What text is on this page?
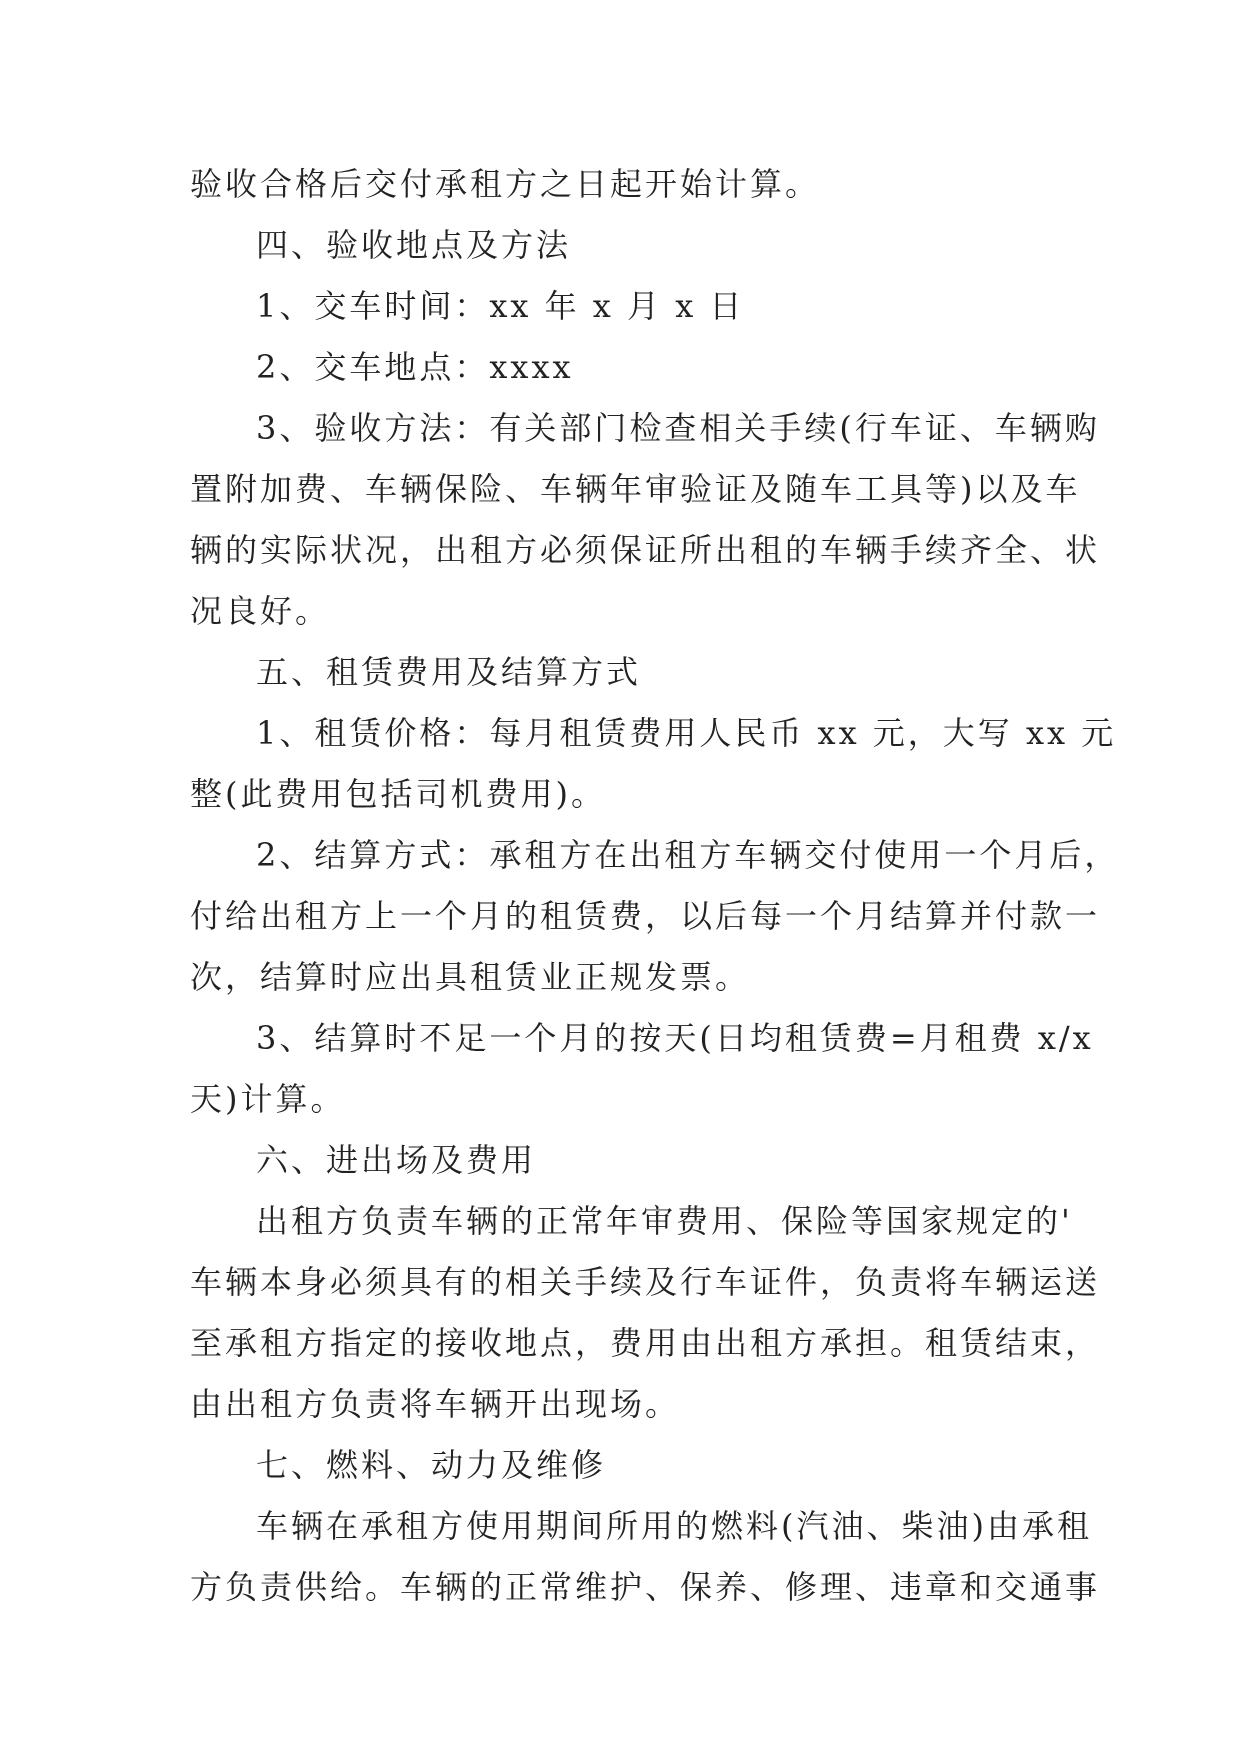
验收合格后交付承租方之日起开始计算。
四、验收地点及方法
1、交车时间：xx 年 x 月 x 日
2、交车地点：xxxx
3、验收方法：有关部门检查相关手续(行车证、车辆购
置附加费、车辆保险、车辆年审验证及随车工具等)以及车
辆的实际状况，出租方必须保证所出租的车辆手续齐全、状
况良好。
五、租赁费用及结算方式
1、租赁价格：每月租赁费用人民币 xx 元，大写 xx 元
整(此费用包括司机费用)。
2、结算方式：承租方在出租方车辆交付使用一个月后，
付给出租方上一个月的租赁费，以后每一个月结算并付款一
次，结算时应出具租赁业正规发票。
3、结算时不足一个月的按天(日均租赁费=月租费 x/x
天)计算。
六、进出场及费用
出租方负责车辆的正常年审费用、保险等国家规定的'
车辆本身必须具有的相关手续及行车证件，负责将车辆运送
至承租方指定的接收地点，费用由出租方承担。租赁结束，
由出租方负责将车辆开出现场。
七、燃料、动力及维修
车辆在承租方使用期间所用的燃料(汽油、柴油)由承租
方负责供给。车辆的正常维护、保养、修理、违章和交通事
